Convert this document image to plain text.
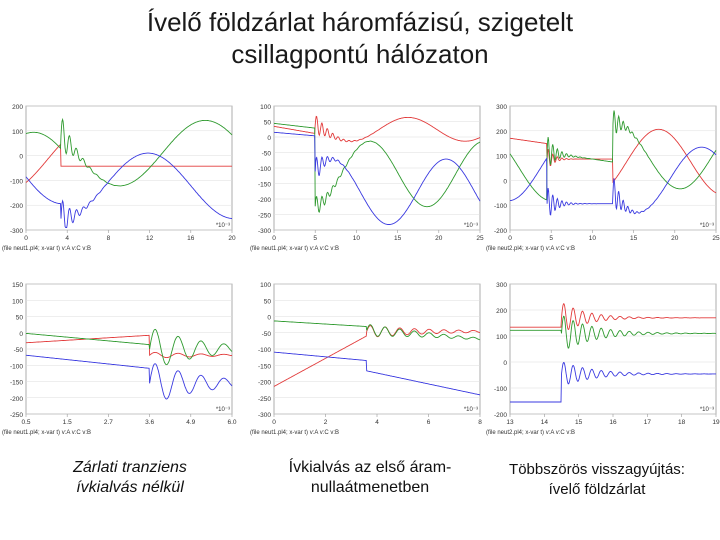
Ívelő földzárlat háromfázisú, szigetelt
csillagpontú hálózaton
200
100
0
-100
-200
-300
0	4	8	12	16	20
*10⁻³
(file neut1.pl4; x-var t) v:A v:C v:B
100
50
0
-50
-100
-150
-200
-250
-300
0	5	10	15	20	25
*10⁻³
(file neut1.pl4; x-var t) v:A v:C v:B
300
200
100
0
-100
-200
0	5	10	15	20	25
*10⁻³
(file neut2.pl4; x-var t) v:A v:C v:B
150
100
50
0
-50
-100
-150
-200
-250
0.5	1.5	2.7	3.6	4.9	6.0
*10⁻³
(file neut1.pl4; x-var t) v:A v:C v:B
100
50
0
-50
-100
-150
-200
-250
-300
0	2	4	6	8
*10⁻³
(file neut1.pl4; x-var t) v:A v:C v:B
300
200
100
0
-100
-200
13	14	15	16	17	18	19
*10⁻³
(file neut2.pl4; x-var t) v:A v:C v:B
Zárlati tranziens
ívkialvás nélkül
Ívkialvás az első áram-
nullaátmenetben
Többszörös visszagyújtás:
ívelő földzárlat
